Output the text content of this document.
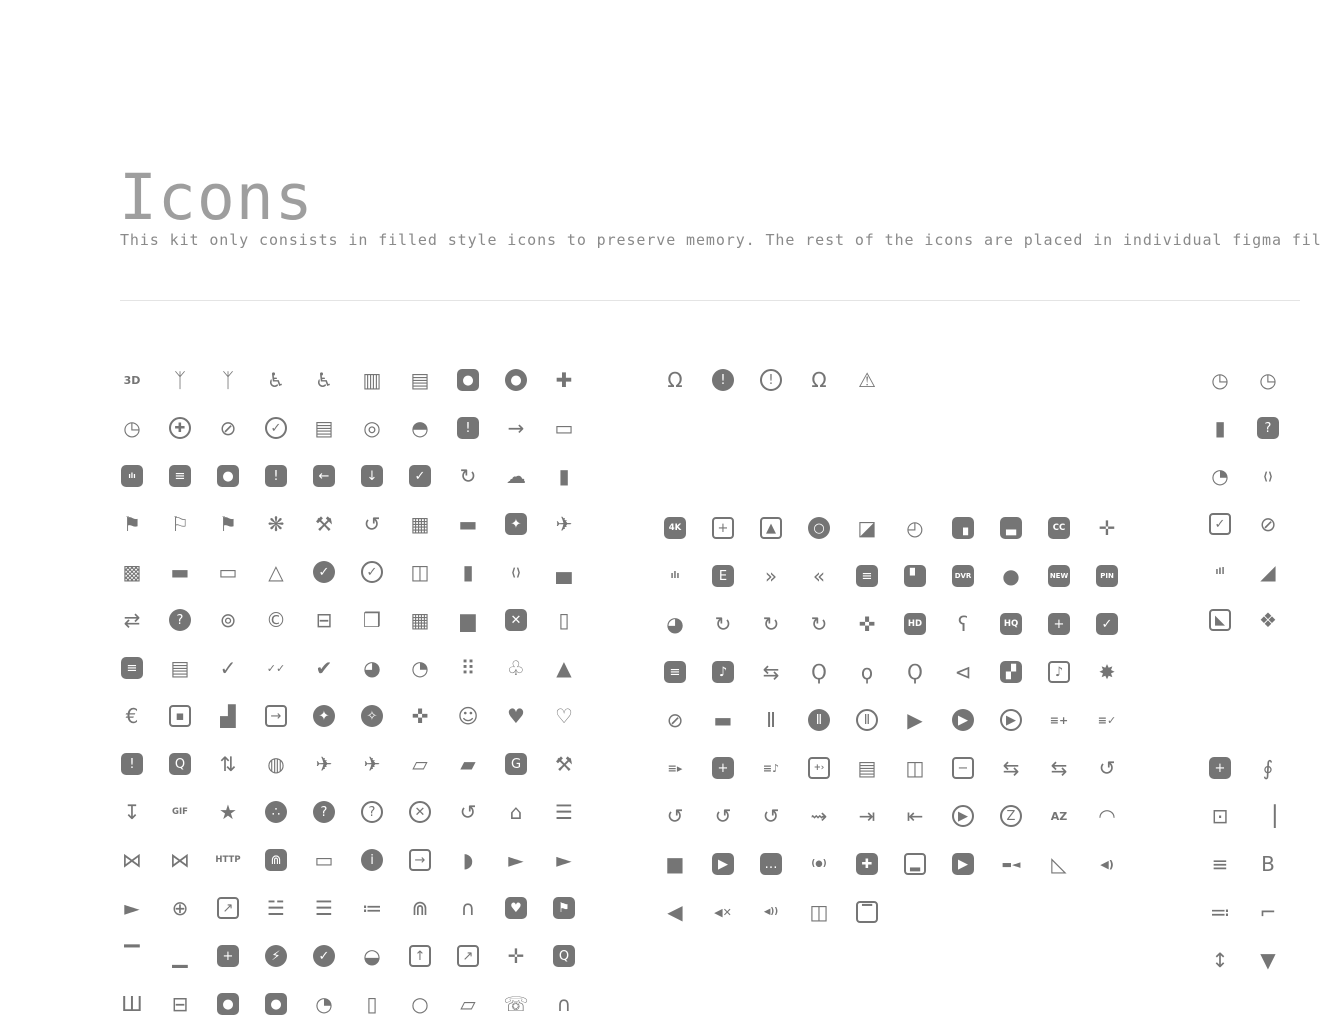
Icons

This kit only consists in filled style icons to preserve memory. The rest of the icons are placed in individual figma fil

3D ᛉ ᛉ ♿ ♿ ▥ ▤	●	● ✚
◷	✚ ⊘	✓ ▤ ◎ ◓	!	→ ▭
ılı	≡	●	!	←	↓	✓ ↻ ☁ ▮
⚑ ⚐ ⚑ ❋ ⚒ ↺ ▦ ▬	✦ ✈
▩ ▬ ▭ △	✓	✓ ◫ ▮	⟨⟩ ▄
⇄	?	⊚ © ⊟ ❒ ▦ ▆	✕ ▯
≡ ▤ ✓	✓✓ ✔ ◕ ◔ ⠿ ♧ ▲
€	▪	▟	→	✦	✧ ✜ ☺ ♥ ♡
!	Q ⇅ ◍ ✈ ✈ ▱ ▰	G ⚒
↧	GIF ★	∴	?	?	✕ ↺ ⌂ ☰
⋈ ⋈	HTTP	⋒ ▭	i	→ ◗ ► ►
► ⊕	↗ ☱ ☰ ≔ ⋒ ∩	♥	⚑
▔ ▁	+	⚡	✓ ◒	↑	↗ ✛	Q
Ш ⊟	●	● ◔ ▯ ○ ▱ ☏ ∩
Ω	!	!	Ω ⚠
4K	+	▲	○ ◪ ◴	▗	▃	CC ✛
ılı	E	» «	≡	▘	DVR ●	NEW	PIN
◕ ↻ ↻ ↻ ✜	HD ʕ	HQ	+	✓
≡	♪	⇆ Ϙ ϙ Ϙ ⊲	▞	♪	✸
⊘ ▬ Ⅱ	Ⅱ	Ⅱ	▶	▶	▶	≡+	≡✓
≡▸	+	≡♪	+› ▤ ◫	− ⇆ ⇆ ↺
↺ ↺ ↺ ⇝ ⇥ ⇤	▶	Z	AZ ◠
■	▶	…	(●)	✚	▂	▶	▬◄ ◺	◀)
◀	◀✕	◀)) ◫	▔
◷ ◷
▮	?
◔	⟨⟩
✓ ⊘
ıIl ◢
◣	❖
+ ∮
⊡ ▕
≡ B
≕ ⌐
↕ ▼
